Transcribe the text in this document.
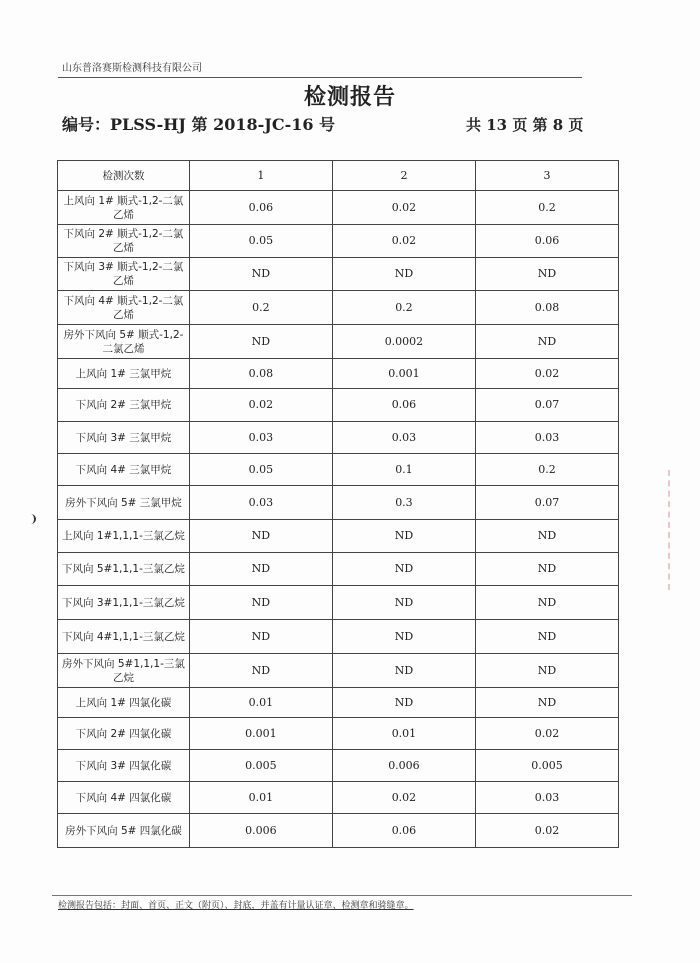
山东普洛赛斯检测科技有限公司
检测报告
编号：PLSS-HJ 第 2018-JC-16 号	共 13 页 第 8 页
检测次数	1	2	3
上风向 1# 顺式-1,2-二氯乙烯	0.06	0.02	0.2
下风向 2# 顺式-1,2-二氯乙烯	0.05	0.02	0.06
下风向 3# 顺式-1,2-二氯乙烯	ND	ND	ND
下风向 4# 顺式-1,2-二氯乙烯	0.2	0.2	0.08
房外下风向 5# 顺式-1,2-二氯乙烯	ND	0.0002	ND
上风向 1# 三氯甲烷	0.08	0.001	0.02
下风向 2# 三氯甲烷	0.02	0.06	0.07
下风向 3# 三氯甲烷	0.03	0.03	0.03
下风向 4# 三氯甲烷	0.05	0.1	0.2
房外下风向 5# 三氯甲烷	0.03	0.3	0.07
上风向 1#1,1,1-三氯乙烷	ND	ND	ND
下风向 5#1,1,1-三氯乙烷	ND	ND	ND
下风向 3#1,1,1-三氯乙烷	ND	ND	ND
下风向 4#1,1,1-三氯乙烷	ND	ND	ND
房外下风向 5#1,1,1-三氯乙烷	ND	ND	ND
上风向 1# 四氯化碳	0.01	ND	ND
下风向 2# 四氯化碳	0.001	0.01	0.02
下风向 3# 四氯化碳	0.005	0.006	0.005
下风向 4# 四氯化碳	0.01	0.02	0.03
房外下风向 5# 四氯化碳	0.006	0.06	0.02
检测报告包括：封面、首页、正文（附页）、封底，并盖有计量认证章、检测章和骑缝章。
